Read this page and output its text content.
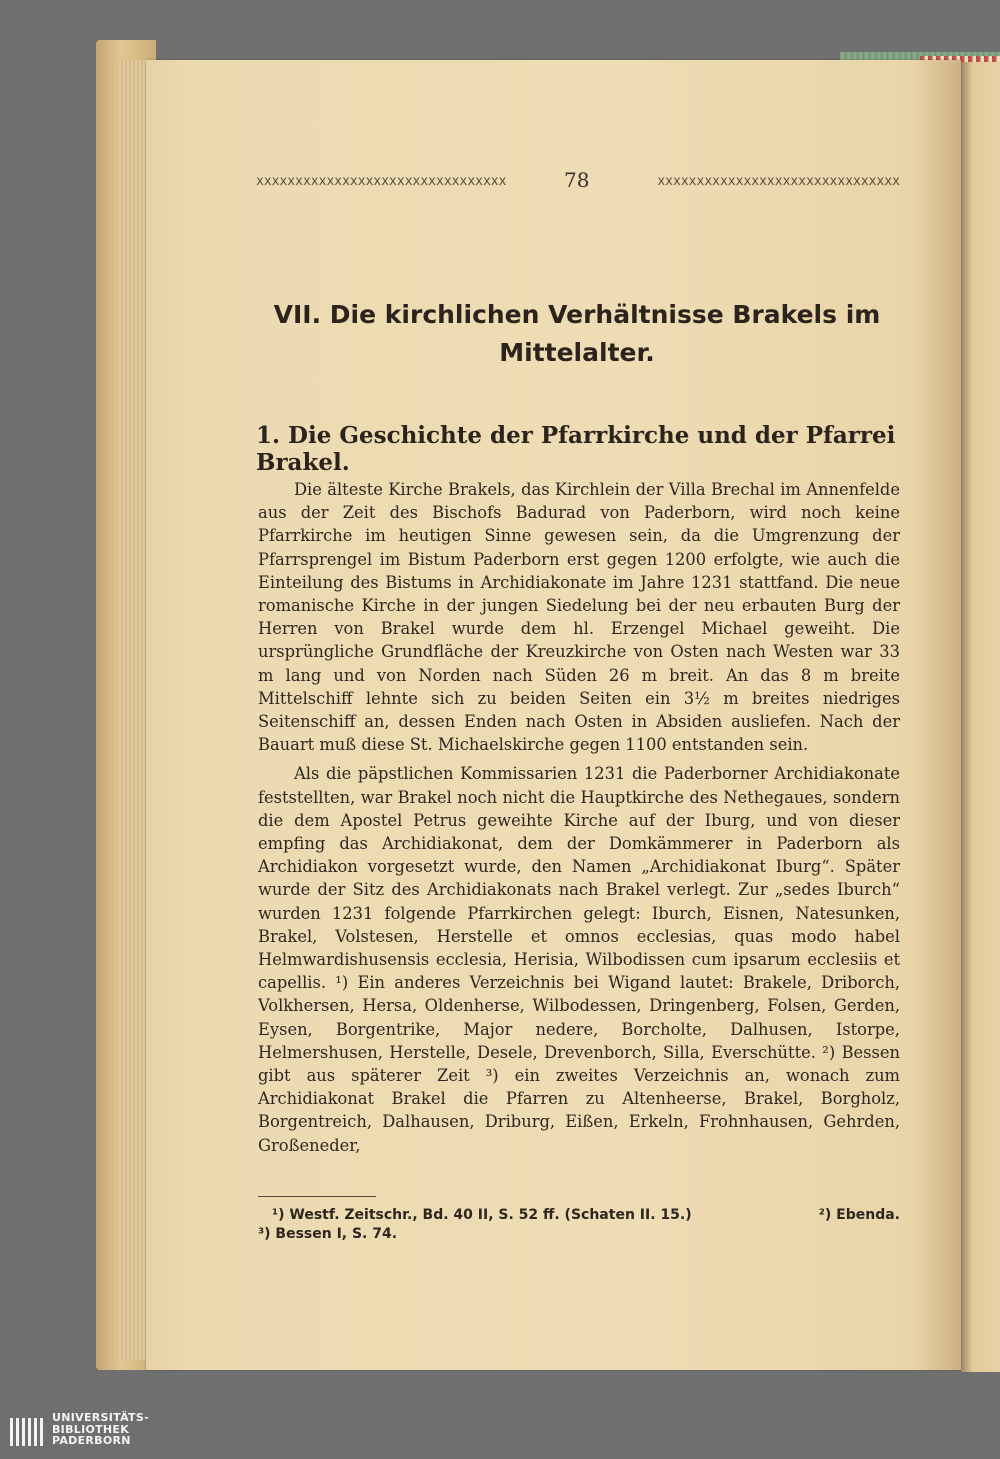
xxxxxxxxxxxxxxxxxxxxxxxxxxxxxxxx	78	xxxxxxxxxxxxxxxxxxxxxxxxxxxxxxx
VII. Die kirchlichen Verhältnisse Brakels im
Mittelalter.
1. Die Geschichte der Pfarrkirche und der Pfarrei Brakel.

Die älteste Kirche Brakels, das Kirchlein der Villa Brechal im Annenfelde aus der Zeit des Bischofs Badurad von Paderborn, wird noch keine Pfarrkirche im heutigen Sinne gewesen sein, da die Umgrenzung der Pfarrsprengel im Bistum Paderborn erst gegen 1200 erfolgte, wie auch die Einteilung des Bistums in Archidiakonate im Jahre 1231 stattfand. Die neue romanische Kirche in der jungen Siedelung bei der neu erbauten Burg der Herren von Brakel wurde dem hl. Erzengel Michael geweiht. Die ursprüngliche Grundfläche der Kreuzkirche von Osten nach Westen war 33 m lang und von Norden nach Süden 26 m breit. An das 8 m breite Mittelschiff lehnte sich zu beiden Seiten ein 3½ m breites niedriges Seitenschiff an, dessen Enden nach Osten in Absiden ausliefen. Nach der Bauart muß diese St. Michaelskirche gegen 1100 entstanden sein.

Als die päpstlichen Kommissarien 1231 die Paderborner Archidiakonate feststellten, war Brakel noch nicht die Hauptkirche des Nethegaues, sondern die dem Apostel Petrus geweihte Kirche auf der Iburg, und von dieser empfing das Archidiakonat, dem der Domkämmerer in Paderborn als Archidiakon vorgesetzt wurde, den Namen „Archidiakonat Iburg“. Später wurde der Sitz des Archidiakonats nach Brakel verlegt. Zur „sedes Iburch“ wurden 1231 folgende Pfarrkirchen gelegt: Iburch, Eisnen, Natesunken, Brakel, Volstesen, Herstelle et omnos ecclesias, quas modo habel Helmwardishusensis ecclesia, Herisia, Wilbodissen cum ipsarum ecclesiis et capellis. ¹) Ein anderes Verzeichnis bei Wigand lautet: Brakele, Driborch, Volkhersen, Hersa, Oldenherse, Wilbodessen, Dringenberg, Folsen, Gerden, Eysen, Borgentrike, Major nedere, Borcholte, Dalhusen, Istorpe, Helmershusen, Herstelle, Desele, Drevenborch, Silla, Everschütte. ²) Bessen gibt aus späterer Zeit ³) ein zweites Verzeichnis an, wonach zum Archidiakonat Brakel die Pfarren zu Altenheerse, Brakel, Borgholz, Borgentreich, Dalhausen, Driburg, Eißen, Erkeln, Frohnhausen, Gehrden, Großeneder,

¹) Westf. Zeitschr., Bd. 40 II, S. 52 ff. (Schaten II. 15.)	²) Ebenda.
³) Bessen I, S. 74.
UNIVERSITÄTS-
BIBLIOTHEK
PADERBORN
